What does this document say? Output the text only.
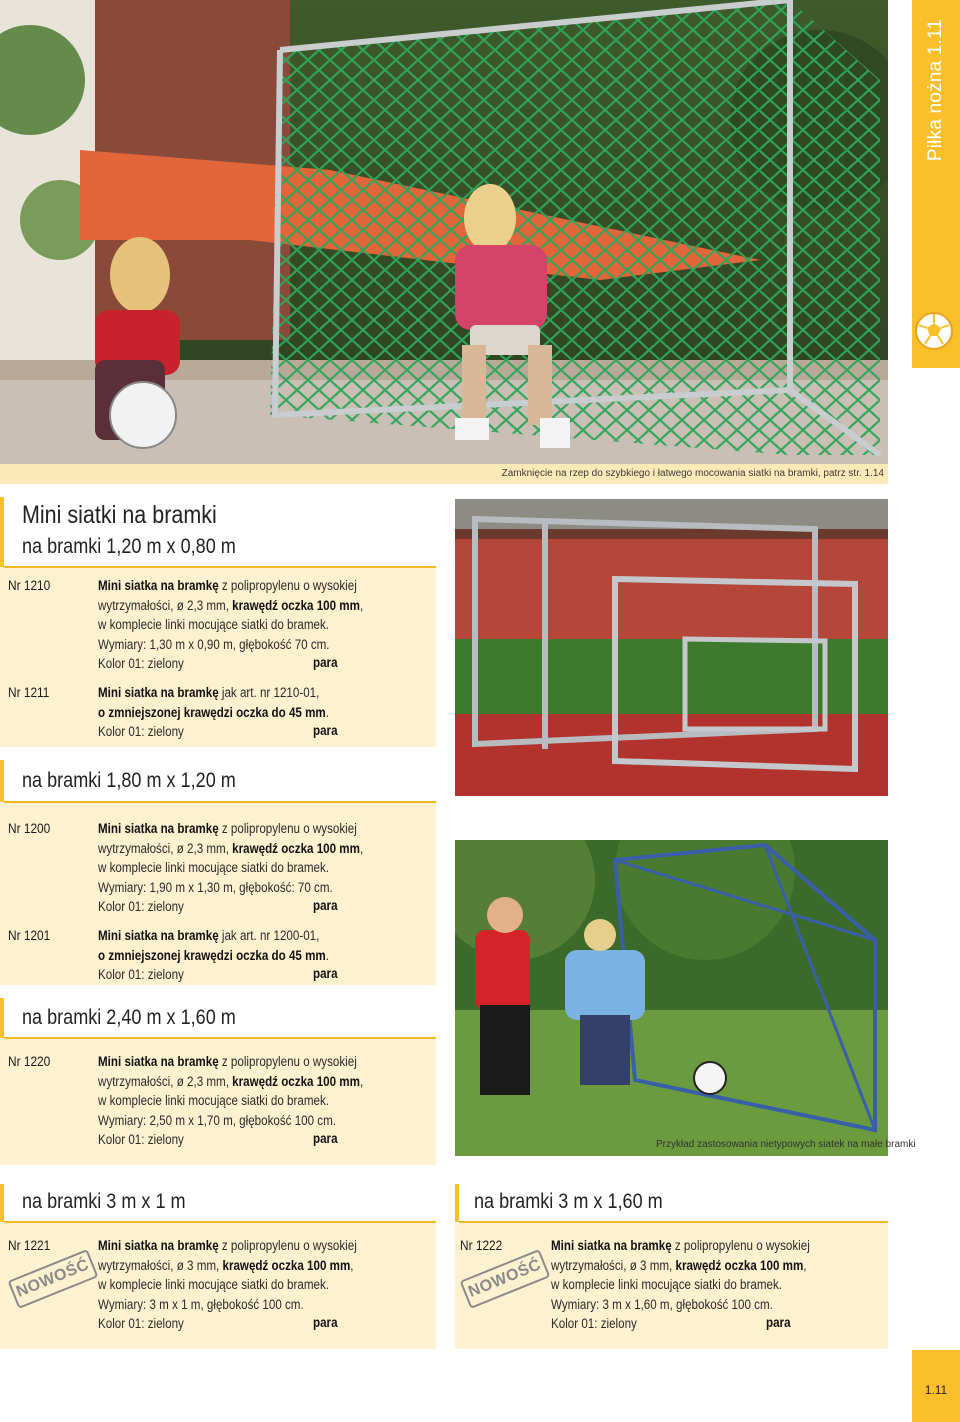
Piłka nożna 1.11
Zamknięcie na rzep do szybkiego i łatwego mocowania siatki na bramki, patrz str. 1.14
Mini siatki na bramki
na bramki 1,20 m x 0,80 m
Nr 1210	Mini siatka na bramkę z polipropylenu o wysokiej
wytrzymałości, ø 2,3 mm, krawędź oczka 100 mm,
w komplecie linki mocujące siatki do bramek.
Wymiary: 1,30 m x 0,90 m, głębokość 70 cm.
Kolor 01: zielony	para
Nr 1211	Mini siatka na bramkę jak art. nr 1210-01,
o zmniejszonej krawędzi oczka do 45 mm.
Kolor 01: zielony	para
na bramki 1,80 m x 1,20 m
Nr 1200	Mini siatka na bramkę z polipropylenu o wysokiej
wytrzymałości, ø 2,3 mm, krawędź oczka 100 mm,
w komplecie linki mocujące siatki do bramek.
Wymiary: 1,90 m x 1,30 m, głębokość: 70 cm.
Kolor 01: zielony	para
Nr 1201	Mini siatka na bramkę jak art. nr 1200-01,
o zmniejszonej krawędzi oczka do 45 mm.
Kolor 01: zielony	para
na bramki 2,40 m x 1,60 m
Nr 1220	Mini siatka na bramkę z polipropylenu o wysokiej
wytrzymałości, ø 2,3 mm, krawędź oczka 100 mm,
w komplecie linki mocujące siatki do bramek.
Wymiary: 2,50 m x 1,70 m, głębokość 100 cm.
Kolor 01: zielony	para
na bramki 3 m x 1 m
Nr 1221
NOWOŚĆ
Mini siatka na bramkę z polipropylenu o wysokiej
wytrzymałości, ø 3 mm, krawędź oczka 100 mm,
w komplecie linki mocujące siatki do bramek.
Wymiary: 3 m x 1 m, głębokość 100 cm.
Kolor 01: zielony	para
Przykład zastosowania nietypowych siatek na małe bramki
na bramki 3 m x 1,60 m
Nr 1222
NOWOŚĆ
Mini siatka na bramkę z polipropylenu o wysokiej
wytrzymałości, ø 3 mm, krawędź oczka 100 mm,
w komplecie linki mocujące siatki do bramek.
Wymiary: 3 m x 1,60 m, głębokość 100 cm.
Kolor 01: zielony	para
1.11
